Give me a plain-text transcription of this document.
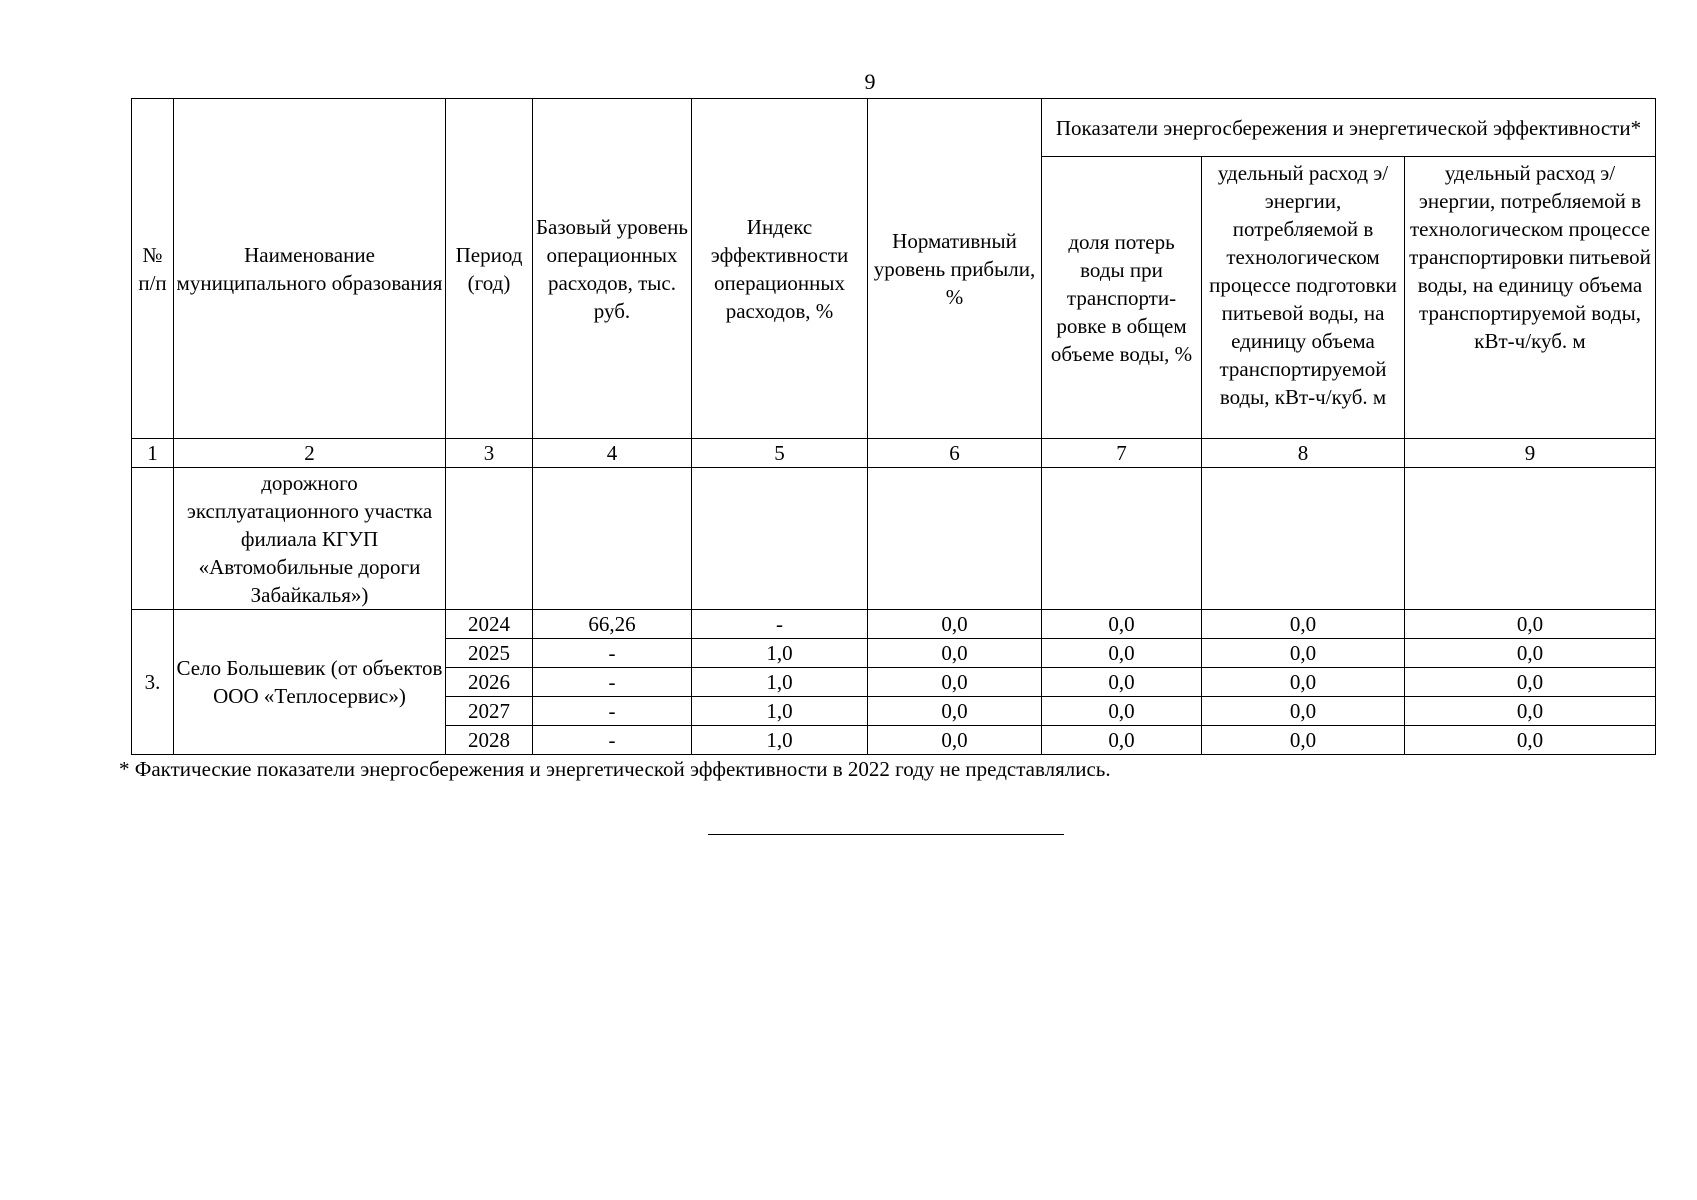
9
№ п/п	Наименование муниципального образования	Период (год)	Базовый уровень операционных расходов, тыс. руб.	Индекс эффективности операционных расходов, %	Нормативный уровень прибыли, %	Показатели энергосбережения и энергетической эффективности*		
						доля потерь воды при транспорти-ровке в общем объеме воды, %	удельный расход э/энергии, потребляемой в технологическом процессе подготовки питьевой воды, на единицу объема транспортируемой воды, кВт-ч/куб. м	удельный расход э/энергии, потребляемой в технологическом процессе транспортировки питьевой воды, на единицу объема транспортируемой воды, кВт-ч/куб. м
1	2	3	4	5	6	7	8	9
	дорожного эксплуатационного участка филиала КГУП «Автомобильные дороги Забайкалья»)							
3.	Село Большевик (от объектов ООО «Теплосервис»)	2024	66,26	-	0,0	0,0	0,0	0,0
		2025	-	1,0	0,0	0,0	0,0	0,0
		2026	-	1,0	0,0	0,0	0,0	0,0
		2027	-	1,0	0,0	0,0	0,0	0,0
		2028	-	1,0	0,0	0,0	0,0	0,0
* Фактические показатели энергосбережения и энергетической эффективности в 2022 году не представлялись.
